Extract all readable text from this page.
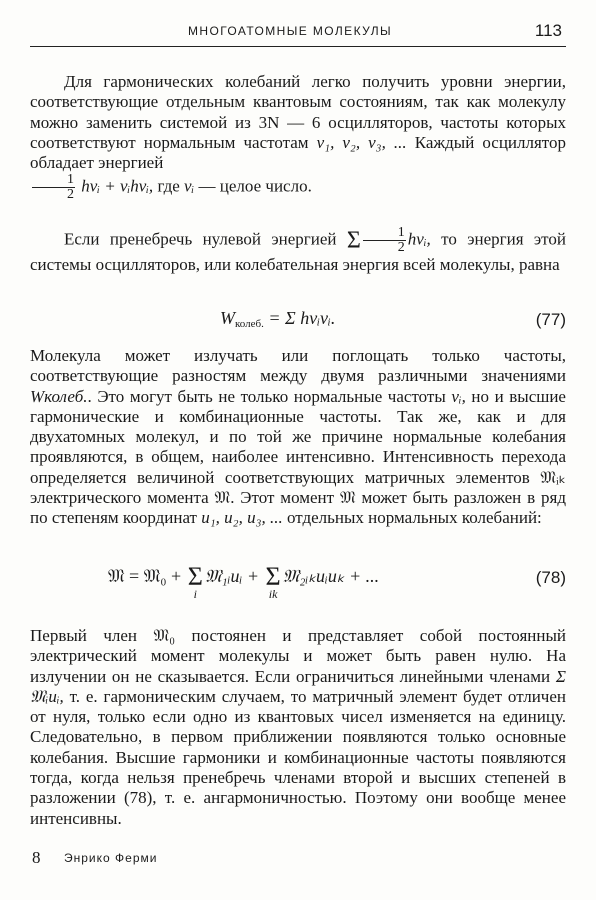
МНОГОАТОМНЫЕ МОЛЕКУЛЫ	113
Для гармонических колебаний легко получить уровни энергии, соответствующие отдельным квантовым состояниям, так как молекулу можно заменить системой из 3N — 6 осцилляторов, частоты которых соответствуют нормальным частотам ν₁, ν₂, ν₃, ... Каждый осциллятор обладает энергией

$\frac{1}{2}$ hνᵢ + vᵢhνᵢ, где vᵢ — целое число.
Если пренебречь нулевой энергией Σ $\frac{1}{2}$ hνᵢ, то энергия этой системы осцилляторов, или колебательная энергия всей молекулы, равна
$W_{колеб.} = \Sigma$ hνᵢvᵢ.	(77)
Молекула может излучать или поглощать только частоты, соответствующие разностям между двумя различными значениями Wколеб.. Это могут быть не только нормальные частоты νᵢ, но и высшие гармонические и комбинационные частоты. Так же, как и для двухатомных молекул, и по той же причине нормальные колебания проявляются, в общем, наиболее интенсивно. Интенсивность перехода определяется величиной соответствующих матричных элементов 𝔐ᵢₖ электрического момента 𝔐. Этот момент 𝔐 может быть разложен в ряд по степеням координат u₁, u₂, u₃, ... отдельных нормальных колебаний:
𝔐 = 𝔐₀ + Σ
i
𝔐₁ᵢuᵢ + Σ
ik
𝔐₂ᵢₖuᵢuₖ + ...	(78)
Первый член 𝔐₀ постоянен и представляет собой постоянный электрический момент молекулы и может быть равен нулю. На излучении он не сказывается. Если ограничиться линейными членами Σ 𝔐ᵢuᵢ, т. е. гармоническим случаем, то матричный элемент будет отличен от нуля, только если одно из квантовых чисел изменяется на единицу. Следовательно, в первом приближении появляются только основные колебания. Высшие гармоники и комбинационные частоты появляются тогда, когда нельзя пренебречь членами второй и высших степеней в разложении (78), т. е. ангармоничностью. Поэтому они вообще менее интенсивны.
8 Энрико Ферми
